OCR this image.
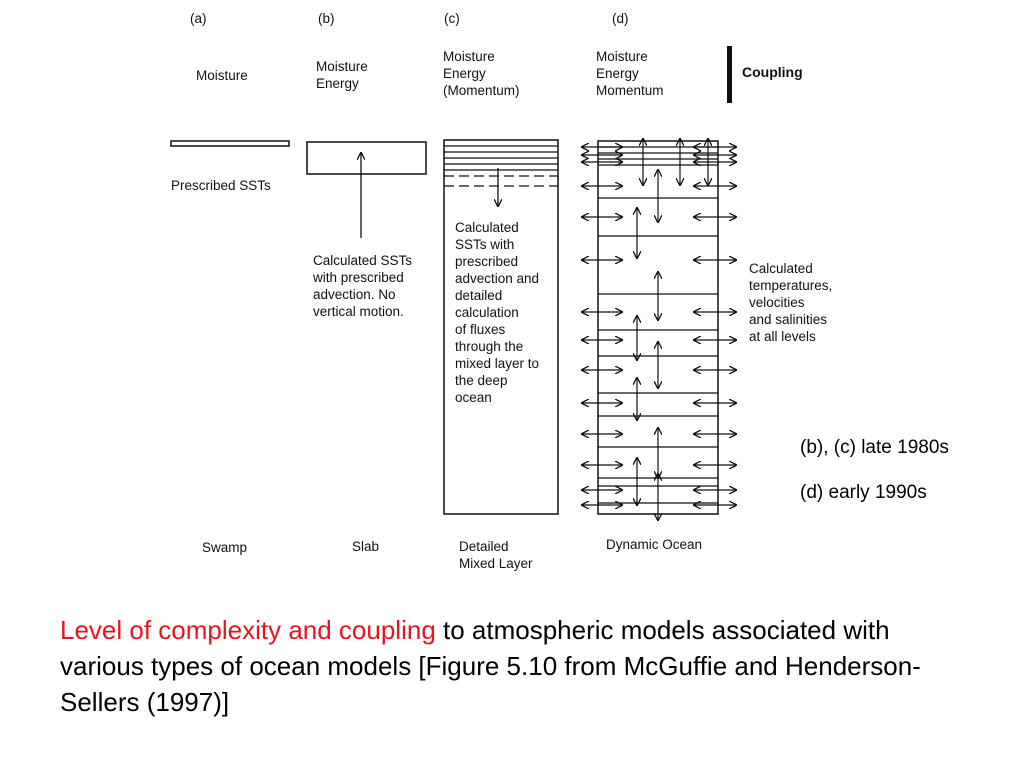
(a)	(b)	(c)	(d)
Moisture
Moisture
Energy
Moisture
Energy
(Momentum)
Moisture
Energy
Momentum
Coupling
Prescribed SSTs
Calculated SSTs
with prescribed
advection. No
vertical motion.
Calculated
SSTs with
prescribed
advection and
detailed
calculation
of fluxes
through the
mixed layer to
the deep
ocean
Calculated
temperatures,
velocities
and salinities
at all levels
Swamp	Slab	Detailed
Mixed Layer
Dynamic Ocean
(b), (c) late 1980s
(d) early 1990s
Level of complexity and coupling to atmospheric models associated with various types of ocean models [Figure 5.10 from McGuffie and Henderson-Sellers (1997)]
